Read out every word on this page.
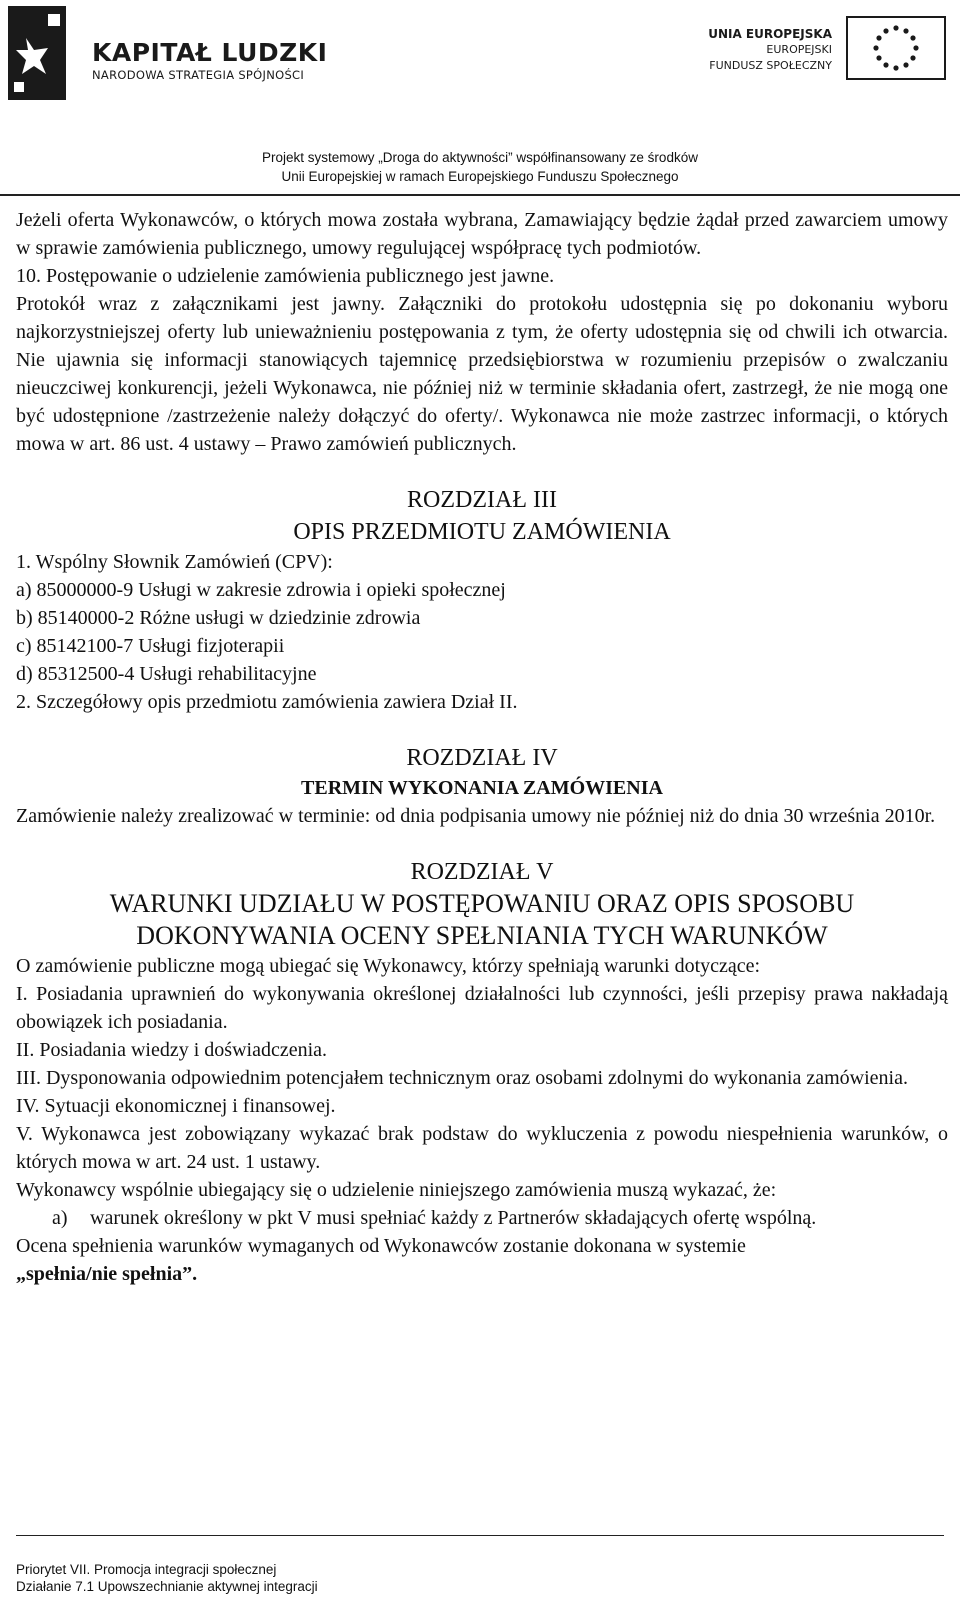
KAPITAŁ LUDZKI
NARODOWA STRATEGIA SPÓJNOŚCI
UNIA EUROPEJSKA
EUROPEJSKI
FUNDUSZ SPOŁECZNY
Projekt systemowy „Droga do aktywności” współfinansowany ze środków
Unii Europejskiej w ramach Europejskiego Funduszu Społecznego

Jeżeli oferta Wykonawców, o których mowa została wybrana, Zamawiający będzie żądał przed zawarciem umowy w sprawie zamówienia publicznego, umowy regulującej współpracę tych podmiotów.

10. Postępowanie o udzielenie zamówienia publicznego jest jawne.

Protokół wraz z załącznikami jest jawny. Załączniki do protokołu udostępnia się po dokonaniu wyboru najkorzystniejszej oferty lub unieważnieniu postępowania z tym, że oferty udostępnia się od chwili ich otwarcia. Nie ujawnia się informacji stanowiących tajemnicę przedsiębiorstwa w rozumieniu przepisów o zwalczaniu nieuczciwej konkurencji, jeżeli Wykonawca, nie później niż w terminie składania ofert, zastrzegł, że nie mogą one być udostępnione /zastrzeżenie należy dołączyć do oferty/. Wykonawca nie może zastrzec informacji, o których mowa w art. 86 ust. 4 ustawy – Prawo zamówień publicznych.

ROZDZIAŁ III

OPIS PRZEDMIOTU ZAMÓWIENIA

1. Wspólny Słownik Zamówień (CPV):

a) 85000000-9 Usługi w zakresie zdrowia i opieki społecznej

b) 85140000-2 Różne usługi w dziedzinie zdrowia

c) 85142100-7 Usługi fizjoterapii

d) 85312500-4 Usługi rehabilitacyjne

2. Szczegółowy opis przedmiotu zamówienia zawiera Dział II.

ROZDZIAŁ IV

TERMIN WYKONANIA ZAMÓWIENIA

Zamówienie należy zrealizować w terminie: od dnia podpisania umowy nie później niż do dnia 30 września 2010r.

ROZDZIAŁ V

WARUNKI UDZIAŁU W POSTĘPOWANIU ORAZ OPIS SPOSOBU

DOKONYWANIA OCENY SPEŁNIANIA TYCH WARUNKÓW

O zamówienie publiczne mogą ubiegać się Wykonawcy, którzy spełniają warunki dotyczące:

I. Posiadania uprawnień do wykonywania określonej działalności lub czynności, jeśli przepisy prawa nakładają obowiązek ich posiadania.

II. Posiadania wiedzy i doświadczenia.

III. Dysponowania odpowiednim potencjałem technicznym oraz osobami zdolnymi do wykonania zamówienia.

IV. Sytuacji ekonomicznej i finansowej.

V. Wykonawca jest zobowiązany wykazać brak podstaw do wykluczenia z powodu niespełnienia warunków, o których mowa w art. 24 ust. 1 ustawy.

Wykonawcy wspólnie ubiegający się o udzielenie niniejszego zamówienia muszą wykazać, że:

a)	warunek określony w pkt V musi spełniać każdy z Partnerów składających ofertę wspólną.

Ocena spełnienia warunków wymaganych od Wykonawców zostanie dokonana w systemie
„spełnia/nie spełnia”.

Priorytet VII. Promocja integracji społecznej
Działanie 7.1 Upowszechnianie aktywnej integracji
